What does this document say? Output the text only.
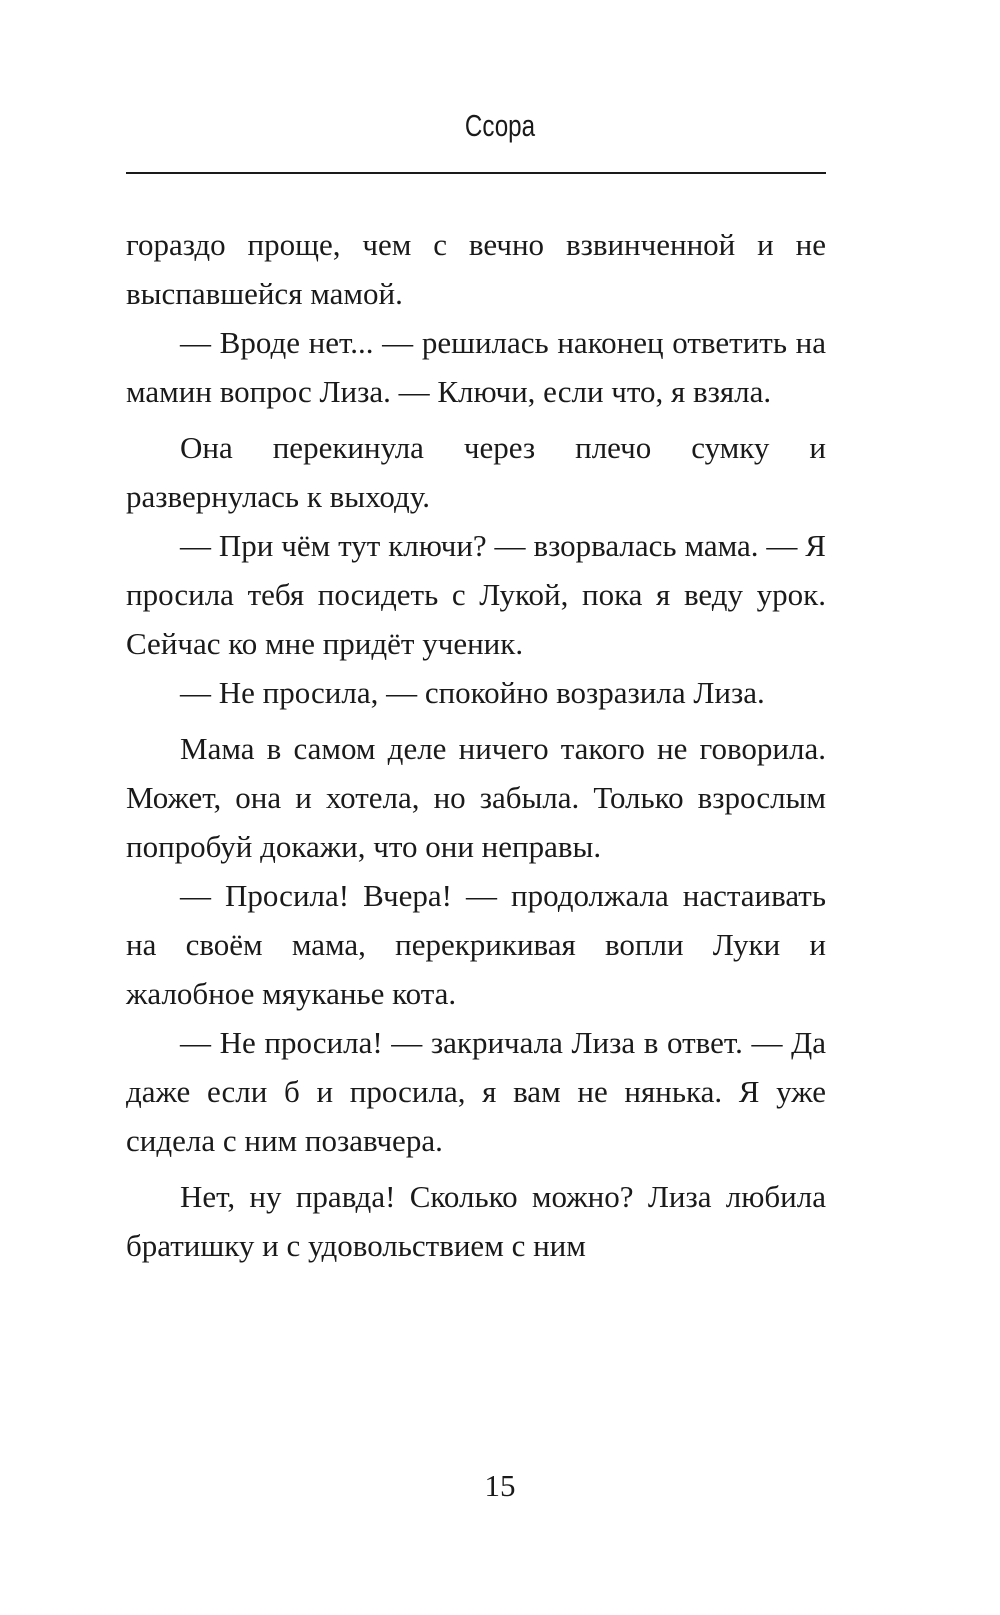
Ссора

гораздо проще, чем с вечно взвинченной и не выспавшейся мамой.

— Вроде нет... — решилась наконец ответить на мамин вопрос Лиза. — Ключи, если что, я взяла.

Она перекинула через плечо сумку и развернулась к выходу.

— При чём тут ключи? — взорвалась мама. — Я просила тебя посидеть с Лукой, пока я веду урок. Сейчас ко мне придёт ученик.

— Не просила, — спокойно возразила Лиза.

Мама в самом деле ничего такого не говорила. Может, она и хотела, но забыла. Только взрослым попробуй докажи, что они неправы.

— Просила! Вчера! — продолжала настаивать на своём мама, перекрикивая вопли Луки и жалобное мяуканье кота.

— Не просила! — закричала Лиза в ответ. — Да даже если б и просила, я вам не нянька. Я уже сидела с ним позавчера.

Нет, ну правда! Сколько можно? Лиза любила братишку и с удовольствием с ним

15
